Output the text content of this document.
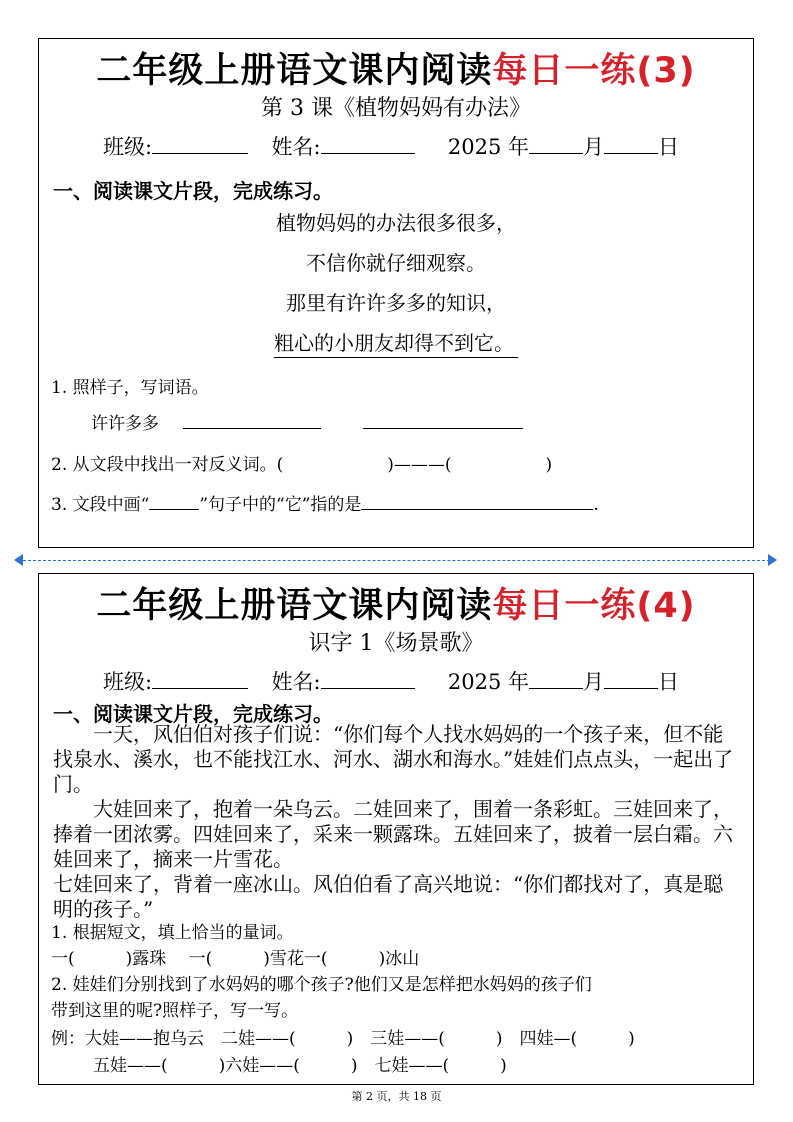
二年级上册语文课内阅读每日一练(3)
第 3 课《植物妈妈有办法》
班级:	姓名:	2025 年	月	日
一、阅读课文片段，完成练习。
植物妈妈的办法很多很多，
不信你就仔细观察。
那里有许许多多的知识，
粗心的小朋友却得不到它。
1. 照样子，写词语。
许许多多
2. 从文段中找出一对反义词。(	)———(	)
3. 文段中画“	”句子中的“它”指的是	.
二年级上册语文课内阅读每日一练(4)
识字 1《场景歌》
班级:	姓名:	2025 年	月	日
一、阅读课文片段，完成练习。

一天，风伯伯对孩子们说：“你们每个人找水妈妈的一个孩子来，但不能找泉水、溪水，也不能找江水、河水、湖水和海水。”娃娃们点点头，一起出了门。

大娃回来了，抱着一朵乌云。二娃回来了，围着一条彩虹。三娃回来了，捧着一团浓雾。四娃回来了，采来一颗露珠。五娃回来了，披着一层白霜。六娃回来了，摘来一片雪花。

七娃回来了，背着一座冰山。风伯伯看了高兴地说：“你们都找对了，真是聪明的孩子。”

1. 根据短文，填上恰当的量词。
一(　　　)露珠　 一(　　　)雪花一(　　　)冰山
2. 娃娃们分别找到了水妈妈的哪个孩子?他们又是怎样把水妈妈的孩子们
带到这里的呢?照样子，写一写。
例：大娃——抱乌云　二娃——(　　　)　三娃——(　　　)　四娃—(　　　)
五娃——(　　　)六娃——(　　　)　七娃——(　　　)
第 2 页，共 18 页
